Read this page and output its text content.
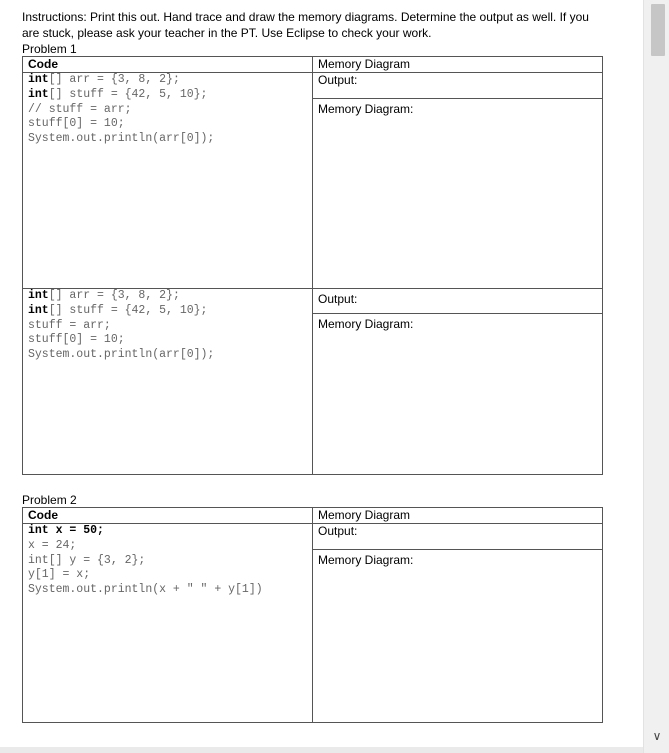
Instructions: Print this out. Hand trace and draw the memory diagrams. Determine the output as well. If you
are stuck, please ask your teacher in the PT. Use Eclipse to check your work.
Problem 1
Code	Memory Diagram

int[] arr = {3, 8, 2};
int[] stuff = {42, 5, 10};
// stuff = arr;
stuff[0] = 10;
System.out.println(arr[0]);	Output:

	Memory Diagram:

int[] arr = {3, 8, 2};
int[] stuff = {42, 5, 10};
stuff = arr;
stuff[0] = 10;
System.out.println(arr[0]);	Output:

	Memory Diagram:
Problem 2
Code	Memory Diagram

int x = 50;
x = 24;
int[] y = {3, 2};
y[1] = x;
System.out.println(x + " " + y[1])	Output:

	Memory Diagram:
∨
